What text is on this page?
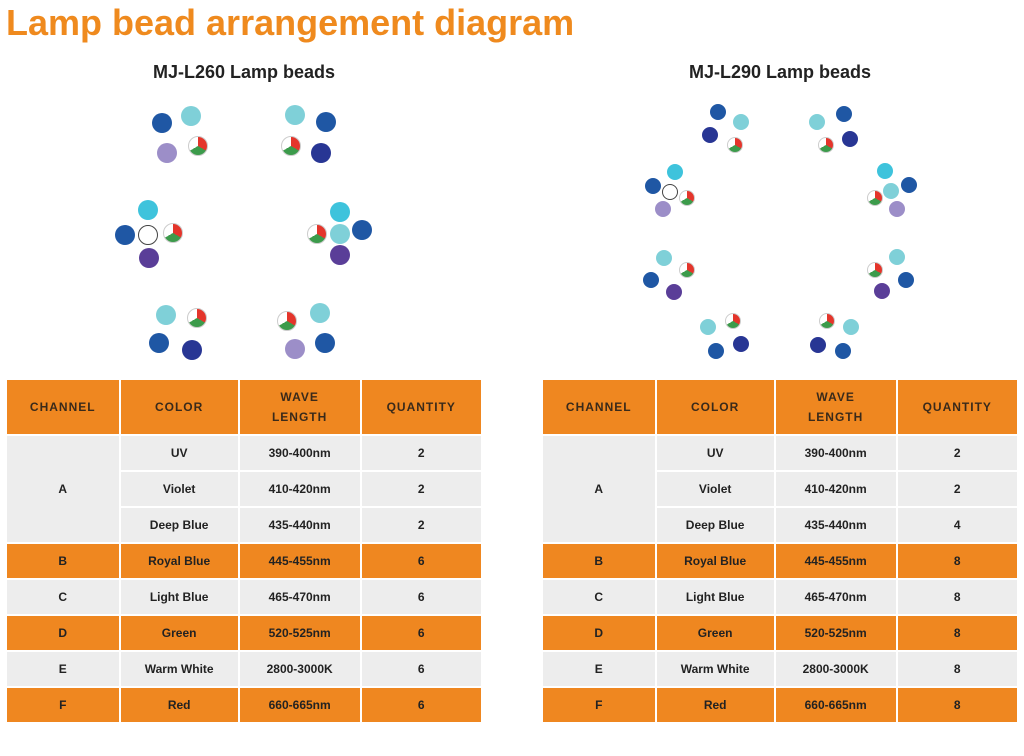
Lamp bead arrangement diagram
MJ-L260 Lamp beads	MJ-L290 Lamp beads
CHANNEL	COLOR	WAVE LENGTH	QUANTITY
A	UV	390-400nm	2
	Violet	410-420nm	2
	Deep Blue	435-440nm	2
B	Royal Blue	445-455nm	6
C	Light Blue	465-470nm	6
D	Green	520-525nm	6
E	Warm White	2800-3000K	6
F	Red	660-665nm	6
CHANNEL	COLOR	WAVE LENGTH	QUANTITY
A	UV	390-400nm	2
	Violet	410-420nm	2
	Deep Blue	435-440nm	4
B	Royal Blue	445-455nm	8
C	Light Blue	465-470nm	8
D	Green	520-525nm	8
E	Warm White	2800-3000K	8
F	Red	660-665nm	8
